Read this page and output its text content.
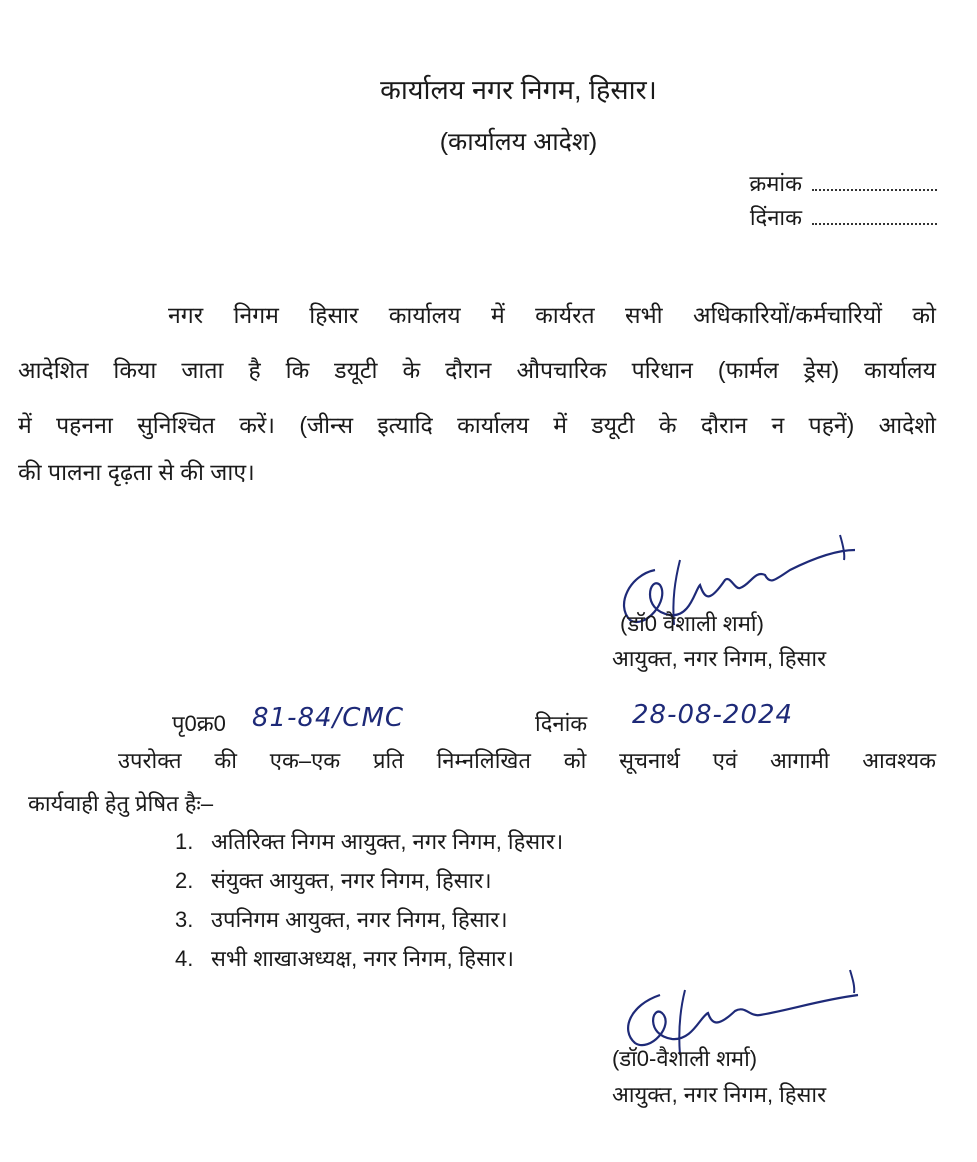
कार्यालय नगर निगम, हिसार।
(कार्यालय आदेश)
क्रमांक
दिंनाक
नगर निगम हिसार कार्यालय में कार्यरत सभी अधिकारियों/कर्मचारियों को
आदेशित किया जाता है कि डयूटी के दौरान औपचारिक परिधान (फार्मल ड्रेस) कार्यालय
में पहनना सुनिश्चित करें। (जीन्स इत्यादि कार्यालय में डयूटी के दौरान न पहनें) आदेशो
की पालना दृढ़ता से की जाए।
(डॉ0 वैशाली शर्मा)
आयुक्त, नगर निगम, हिसार
पृ0क्र0 81-84/CMC	दिनांक 28-08-2024
उपरोक्त की एक–एक प्रति निम्नलिखित को सूचनार्थ एवं आगामी आवश्यक
कार्यवाही हेतु प्रेषित हैः–
1. अतिरिक्त निगम आयुक्त, नगर निगम, हिसार।
2. संयुक्त आयुक्त, नगर निगम, हिसार।
3. उपनिगम आयुक्त, नगर निगम, हिसार।
4. सभी शाखाअध्यक्ष, नगर निगम, हिसार।
(डॉ0-वैशाली शर्मा)
आयुक्त, नगर निगम, हिसार
